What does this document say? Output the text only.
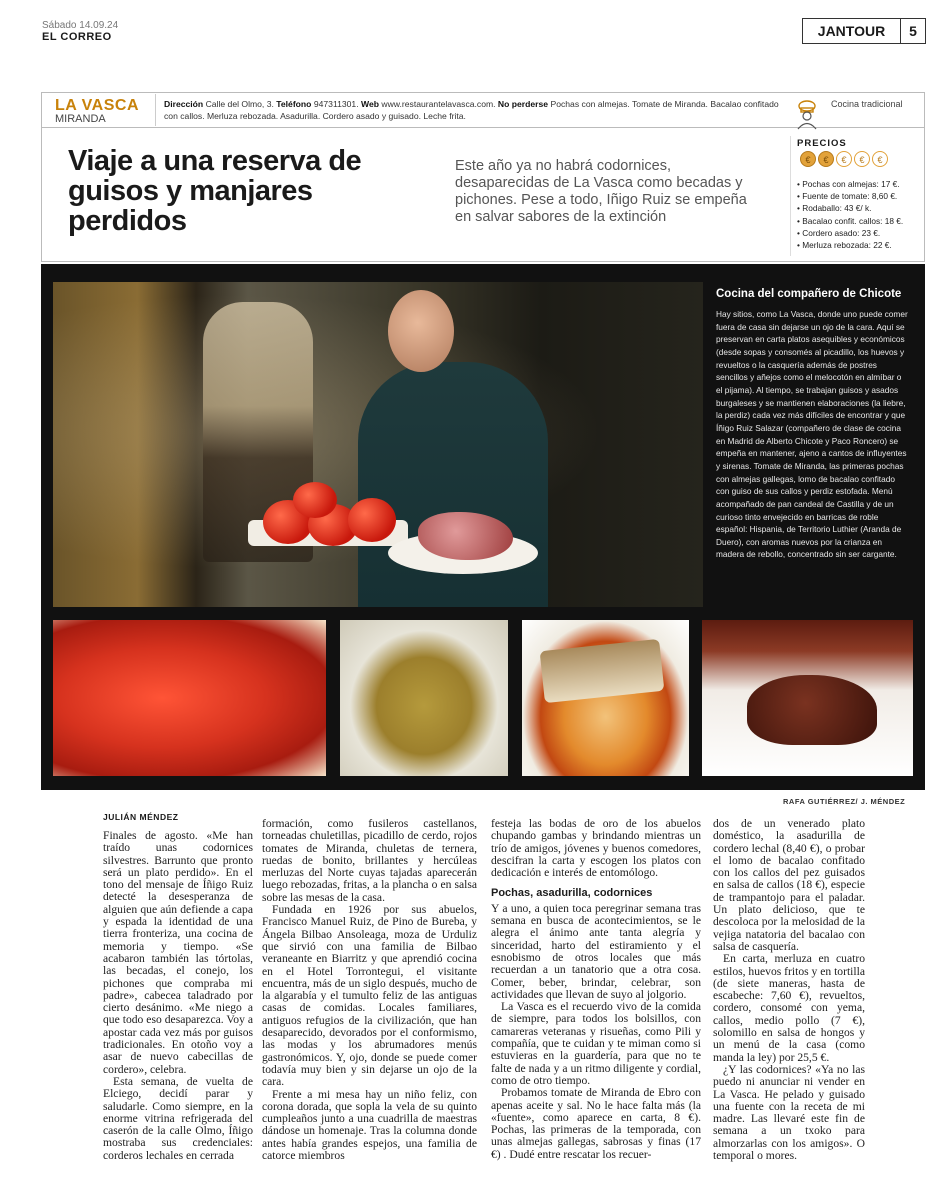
Sábado 14.09.24
EL CORREO	JANTOUR	5
LA VASCA
MIRANDA
Dirección Calle del Olmo, 3. Teléfono 947311301. Web www.restaurantelavasca.com. No perderse Pochas con almejas. Tomate de Miranda. Bacalao confitado con callos. Merluza rebozada. Asadurilla. Cordero asado y guisado. Leche frita.
Cocina tradicional
Viaje a una reserva de guisos y manjares perdidos
Este año ya no habrá codornices, desaparecidas de La Vasca como becadas y pichones. Pese a todo, Iñigo Ruiz se empeña en salvar sabores de la extinción
PRECIOS
€	€	€	€	€
• Pochas con almejas: 17 €.
• Fuente de tomate: 8,60 €.
• Rodaballo: 43 €/ k.
• Bacalao confit. callos: 18 €.
• Cordero asado: 23 €.
• Merluza rebozada: 22 €.
Cocina del compañero de Chicote
Hay sitios, como La Vasca, donde uno puede comer fuera de casa sin dejarse un ojo de la cara. Aquí se preservan en carta platos asequibles y económicos (desde sopas y consomés al picadillo, los huevos y revueltos o la casquería además de postres sencillos y añejos como el melocotón en almíbar o el pijama). Al tiempo, se trabajan guisos y asados burgaleses y se mantienen elaboraciones (la liebre, la perdiz) cada vez más difíciles de encontrar y que Íñigo Ruiz Salazar (compañero de clase de cocina en Madrid de Alberto Chicote y Paco Roncero) se empeña en mantener, ajeno a cantos de influyentes y sirenas. Tomate de Miranda, las primeras pochas con almejas gallegas, lomo de bacalao confitado con guiso de sus callos y perdiz estofada. Menú acompañado de pan candeal de Castilla y de un curioso tinto envejecido en barricas de roble español: Hispania, de Territorio Luthier (Aranda de Duero), con aromas nuevos por la crianza en madera de rebollo, concentrado sin ser cargante.
RAFA GUTIÉRREZ/ J. MÉNDEZ
JULIÁN MÉNDEZ

Finales de agosto. «Me han traído unas codornices silvestres. Barrunto que pronto será un plato perdido». En el tono del mensaje de Íñigo Ruiz detecté la desesperanza de alguien que aún defiende a capa y espada la identidad de una tierra fronteriza, una cocina de memoria y tiempo. «Se acabaron también las tórtolas, las becadas, el conejo, los pichones que compraba mi padre», cabecea taladrado por cierto desánimo. «Me niego a que todo eso desaparezca. Voy a apostar cada vez más por guisos tradicionales. En otoño voy a asar de nuevo cabecillas de cordero», celebra.

Esta semana, de vuelta de Elciego, decidí parar y saludarle. Como siempre, en la enorme vitrina refrigerada del caserón de la calle Olmo, Íñigo mostraba sus credenciales: corderos lechales en cerrada

formación, como fusileros castellanos, torneadas chuletillas, picadillo de cerdo, rojos tomates de Miranda, chuletas de ternera, ruedas de bonito, brillantes y hercúleas merluzas del Norte cuyas tajadas aparecerán luego rebozadas, fritas, a la plancha o en salsa sobre las mesas de la casa.

Fundada en 1926 por sus abuelos, Francisco Manuel Ruiz, de Pino de Bureba, y Ángela Bilbao Ansoleaga, moza de Urduliz que sirvió con una familia de Bilbao veraneante en Biarritz y que aprendió cocina en el Hotel Torrontegui, el visitante encuentra, más de un siglo después, mucho de la algarabía y el tumulto feliz de las antiguas casas de comidas. Locales familiares, antiguos refugios de la civilización, que han desaparecido, devorados por el conformismo, las modas y los abrumadores menús gastronómicos. Y, ojo, donde se puede comer todavía muy bien y sin dejarse un ojo de la cara.

Frente a mi mesa hay un niño feliz, con corona dorada, que sopla la vela de su quinto cumpleaños junto a una cuadrilla de maestras dándose un homenaje. Tras la columna donde antes había grandes espejos, una familia de catorce miembros

festeja las bodas de oro de los abuelos chupando gambas y brindando mientras un trío de amigos, jóvenes y buenos comedores, descifran la carta y escogen los platos con dedicación e interés de entomólogo.

Pochas, asadurilla, codornices

Y a uno, a quien toca peregrinar semana tras semana en busca de acontecimientos, se le alegra el ánimo ante tanta alegría y sinceridad, harto del estiramiento y el esnobismo de otros locales que más recuerdan a un tanatorio que a otra cosa. Comer, beber, brindar, celebrar, son actividades que llevan de suyo al jolgorio.

La Vasca es el recuerdo vivo de la comida de siempre, para todos los bolsillos, con camareras veteranas y risueñas, como Pili y compañía, que te cuidan y te miman como si estuvieras en la guardería, para que no te falte de nada y a un ritmo diligente y cordial, como de otro tiempo.

Probamos tomate de Miranda de Ebro con apenas aceite y sal. No le hace falta más (la «fuente», como aparece en carta, 8 €). Pochas, las primeras de la temporada, con unas almejas gallegas, sabrosas y finas (17 €) . Dudé entre rescatar los recuer-

dos de un venerado plato doméstico, la asadurilla de cordero lechal (8,40 €), o probar el lomo de bacalao confitado con los callos del pez guisados en salsa de callos (18 €), especie de trampantojo para el paladar. Un plato delicioso, que te descoloca por la melosidad de la vejiga natatoria del bacalao con salsa de casquería.

En carta, merluza en cuatro estilos, huevos fritos y en tortilla (de siete maneras, hasta de escabeche: 7,60 €), revueltos, cordero, consomé con yema, callos, medio pollo (7 €), solomillo en salsa de hongos y un menú de la casa (como manda la ley) por 25,5 €.

¿Y las codornices? «Ya no las puedo ni anunciar ni vender en La Vasca. He pelado y guisado una fuente con la receta de mi madre. Las llevaré este fin de semana a un txoko para almorzarlas con los amigos». O temporal o mores.
